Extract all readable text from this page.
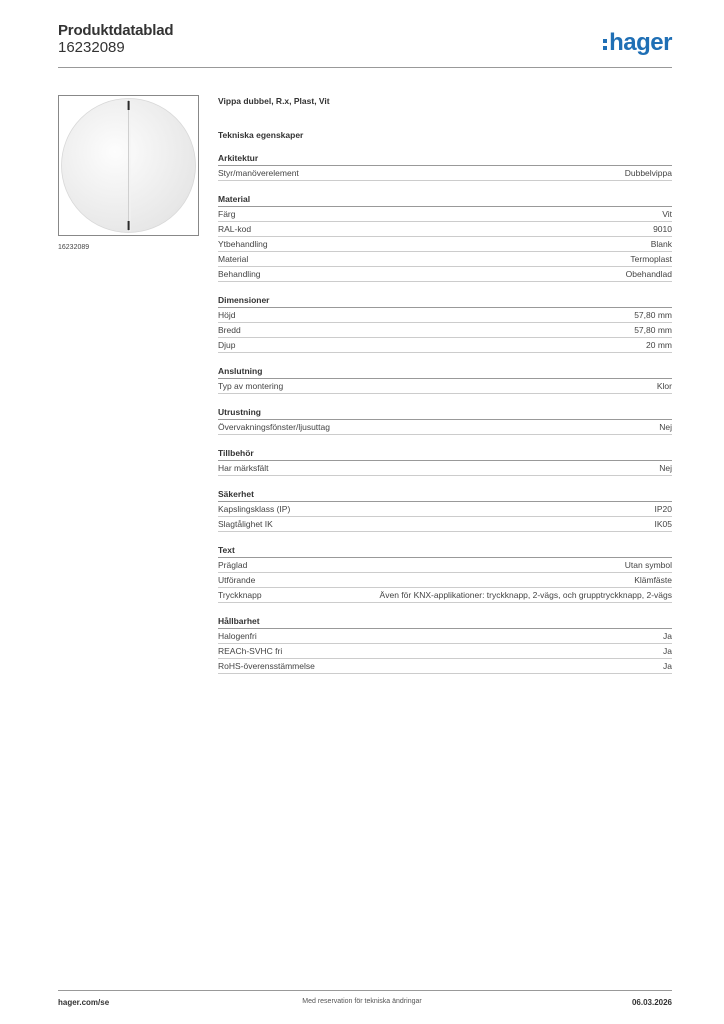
Produktdatablad
16232089	hager
16232089
Vippa dubbel, R.x, Plast, Vit
Tekniska egenskaper
Arkitektur
Styr/manöverelement	Dubbelvippa
Material
Färg	Vit
RAL-kod	9010
Ytbehandling	Blank
Material	Termoplast
Behandling	Obehandlad
Dimensioner
Höjd	57,80 mm
Bredd	57,80 mm
Djup	20 mm
Anslutning
Typ av montering	Klor
Utrustning
Övervakningsfönster/ljusuttag	Nej
Tillbehör
Har märksfält	Nej
Säkerhet
Kapslingsklass (IP)	IP20
Slagtålighet IK	IK05
Text
Präglad	Utan symbol
Utförande	Klämfäste
Tryckknapp	Även för KNX-applikationer: tryckknapp, 2-vägs, och grupptryckknapp, 2-vägs
Hållbarhet
Halogenfri	Ja
REACh-SVHC fri	Ja
RoHS-överensstämmelse	Ja
hager.com/se	Med reservation för tekniska ändringar	06.03.2026
